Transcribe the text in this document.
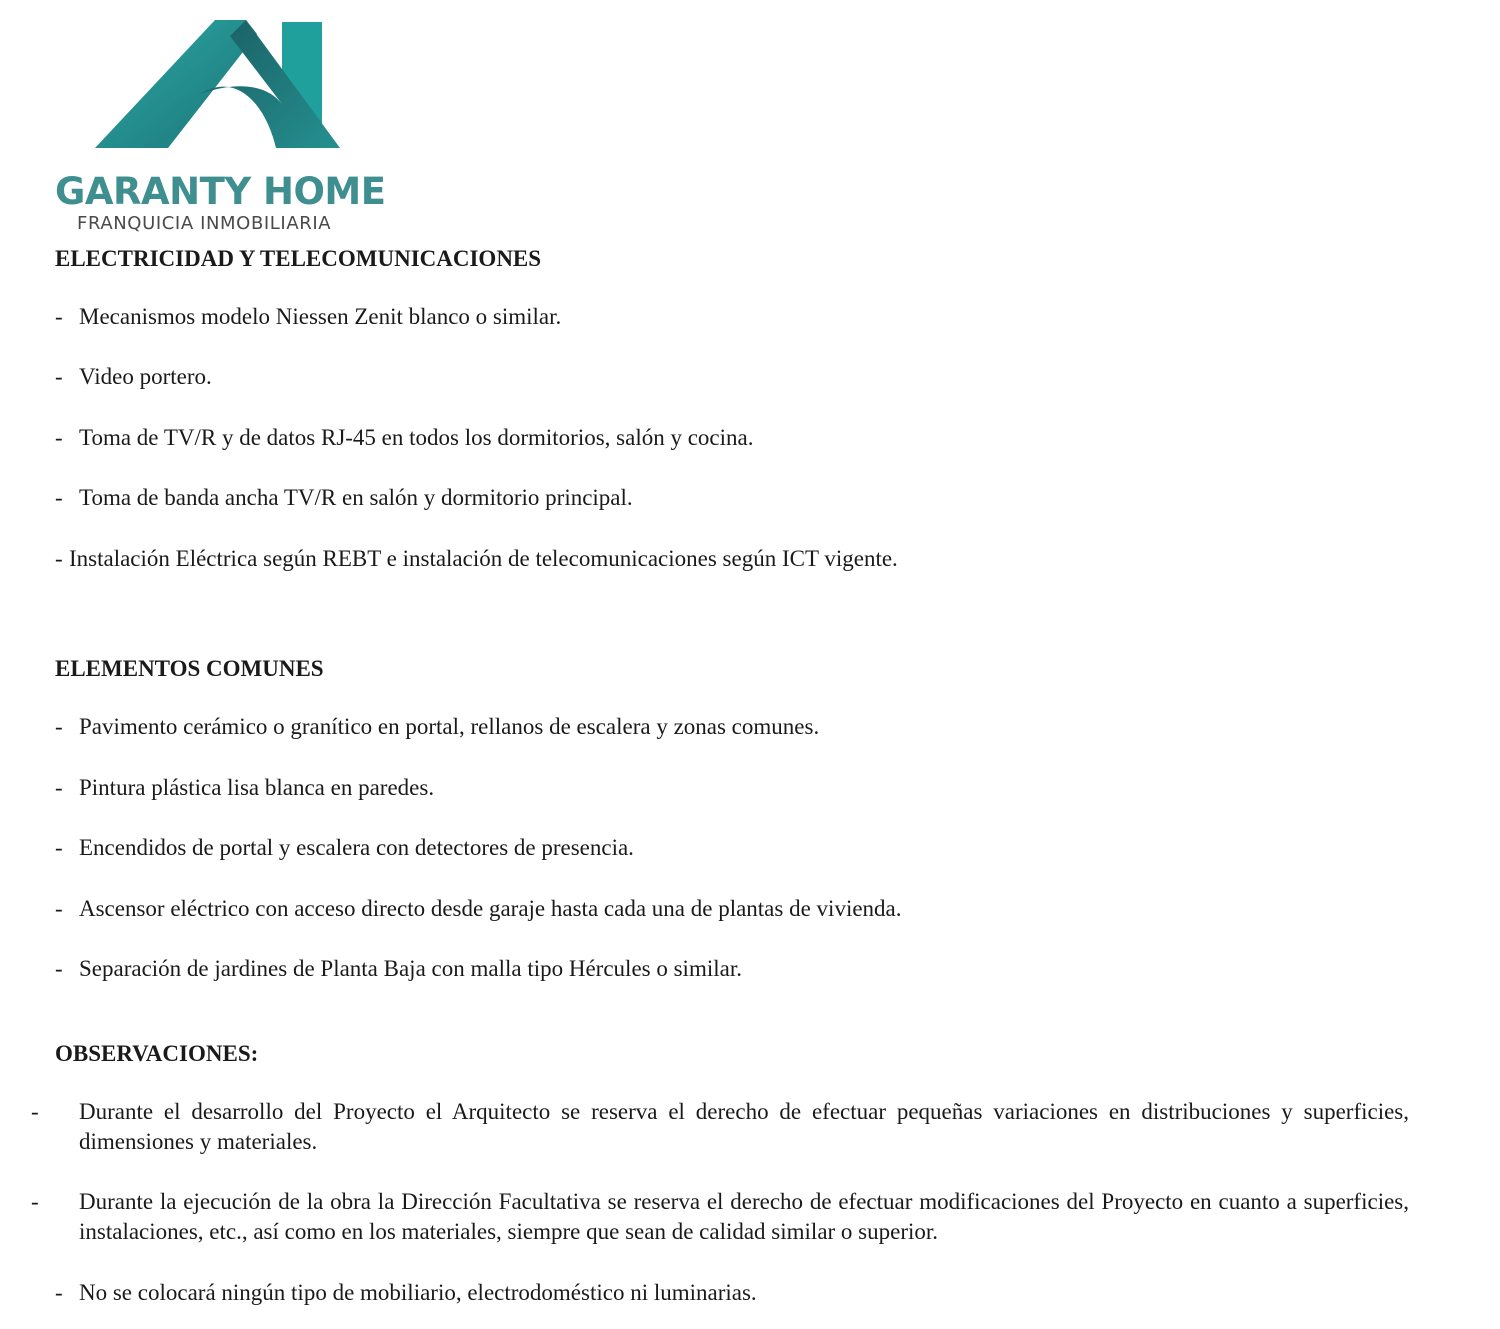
GARANTY HOME
FRANQUICIA INMOBILIARIA
ELECTRICIDAD Y TELECOMUNICACIONES

- Mecanismos modelo Niessen Zenit blanco o similar.

- Video portero.

- Toma de TV/R y de datos RJ-45 en todos los dormitorios, salón y cocina.

- Toma de banda ancha TV/R en salón y dormitorio principal.

- Instalación Eléctrica según REBT e instalación de telecomunicaciones según ICT vigente.

ELEMENTOS COMUNES

- Pavimento cerámico o granítico en portal, rellanos de escalera y zonas comunes.

- Pintura plástica lisa blanca en paredes.

- Encendidos de portal y escalera con detectores de presencia.

- Ascensor eléctrico con acceso directo desde garaje hasta cada una de plantas de vivienda.

- Separación de jardines de Planta Baja con malla tipo Hércules o similar.

OBSERVACIONES:

- Durante el desarrollo del Proyecto el Arquitecto se reserva el derecho de efectuar pequeñas variaciones en distribuciones y superficies, dimensiones y materiales.

- Durante la ejecución de la obra la Dirección Facultativa se reserva el derecho de efectuar modificaciones del Proyecto en cuanto a superficies, instalaciones, etc., así como en los materiales, siempre que sean de calidad similar o superior.

- No se colocará ningún tipo de mobiliario, electrodoméstico ni luminarias.
